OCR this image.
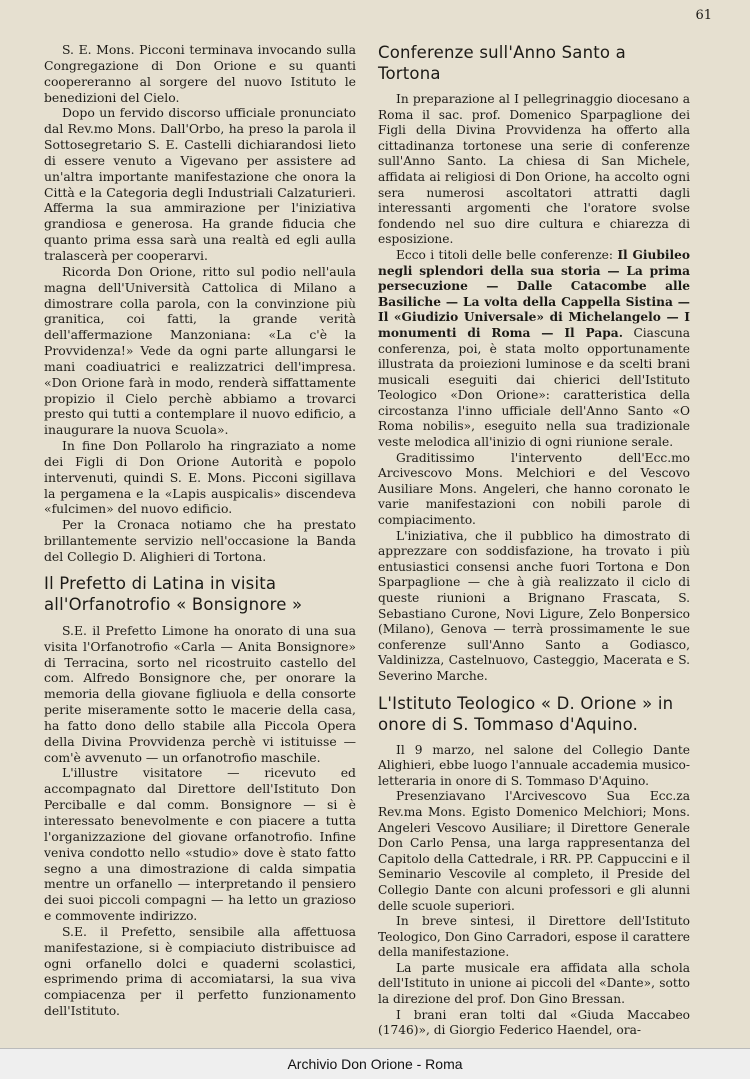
61

S. E. Mons. Picconi terminava invocando sulla Congregazione di Don Orione e su quanti coopereranno al sorgere del nuovo Istituto le benedizioni del Cielo.

Dopo un fervido discorso ufficiale pronunciato dal Rev.mo Mons. Dall'Orbo, ha preso la parola il Sottosegretario S. E. Castelli dichiarandosi lieto di essere venuto a Vigevano per assistere ad un'altra importante manifestazione che onora la Città e la Categoria degli Industriali Calzaturieri. Afferma la sua ammirazione per l'iniziativa grandiosa e generosa. Ha grande fiducia che quanto prima essa sarà una realtà ed egli aulla tralascerà per cooperarvi.

Ricorda Don Orione, ritto sul podio nell'aula magna dell'Università Cattolica di Milano a dimostrare colla parola, con la convinzione più granitica, coi fatti, la grande verità dell'affermazione Manzoniana: «La c'è la Provvidenza!» Vede da ogni parte allungarsi le mani coadiuatrici e realizzatrici dell'impresa. «Don Orione farà in modo, renderà siffattamente propizio il Cielo perchè abbiamo a trovarci presto qui tutti a contemplare il nuovo edificio, a inaugurare la nuova Scuola».

In fine Don Pollarolo ha ringraziato a nome dei Figli di Don Orione Autorità e popolo intervenuti, quindi S. E. Mons. Picconi sigillava la pergamena e la «Lapis auspicalis» discendeva «fulcimen» del nuovo edificio.

Per la Cronaca notiamo che ha prestato brillantemente servizio nell'occasione la Banda del Collegio D. Alighieri di Tortona.

Il Prefetto di Latina in visita all'Orfanotrofio « Bonsignore »

S.E. il Prefetto Limone ha onorato di una sua visita l'Orfanotrofio «Carla — Anita Bonsignore» di Terracina, sorto nel ricostruito castello del com. Alfredo Bonsignore che, per onorare la memoria della giovane figliuola e della consorte perite miseramente sotto le macerie della casa, ha fatto dono dello stabile alla Piccola Opera della Divina Provvidenza perchè vi istituisse — com'è avvenuto — un orfanotrofio maschile.

L'illustre visitatore — ricevuto ed accompagnato dal Direttore dell'Istituto Don Perciballe e dal comm. Bonsignore — si è interessato benevolmente e con piacere a tutta l'organizzazione del giovane orfanotrofio. Infine veniva condotto nello «studio» dove è stato fatto segno a una dimostrazione di calda simpatia mentre un orfanello — interpretando il pensiero dei suoi piccoli compagni — ha letto un grazioso e commovente indirizzo.

S.E. il Prefetto, sensibile alla affettuosa manifestazione, si è compiaciuto distribuisce ad ogni orfanello dolci e quaderni scolastici, esprimendo prima di accomiatarsi, la sua viva compiacenza per il perfetto funzionamento dell'Istituto.

Conferenze sull'Anno Santo a Tortona

In preparazione al I pellegrinaggio diocesano a Roma il sac. prof. Domenico Sparpaglione dei Figli della Divina Provvidenza ha offerto alla cittadinanza tortonese una serie di conferenze sull'Anno Santo. La chiesa di San Michele, affidata ai religiosi di Don Orione, ha accolto ogni sera numerosi ascoltatori attratti dagli interessanti argomenti che l'oratore svolse fondendo nel suo dire cultura e chiarezza di esposizione.

Ecco i titoli delle belle conferenze: Il Giubileo negli splendori della sua storia — La prima persecuzione — Dalle Catacombe alle Basiliche — La volta della Cappella Sistina — Il «Giudizio Universale» di Michelangelo — I monumenti di Roma — Il Papa. Ciascuna conferenza, poi, è stata molto opportunamente illustrata da proiezioni luminose e da scelti brani musicali eseguiti dai chierici dell'Istituto Teologico «Don Orione»: caratteristica della circostanza l'inno ufficiale dell'Anno Santo «O Roma nobilis», eseguito nella sua tradizionale veste melodica all'inizio di ogni riunione serale.

Graditissimo l'intervento dell'Ecc.mo Arcivescovo Mons. Melchiori e del Vescovo Ausiliare Mons. Angeleri, che hanno coronato le varie manifestazioni con nobili parole di compiacimento.

L'iniziativa, che il pubblico ha dimostrato di apprezzare con soddisfazione, ha trovato i più entusiastici consensi anche fuori Tortona e Don Sparpaglione — che à già realizzato il ciclo di queste riunioni a Brignano Frascata, S. Sebastiano Curone, Novi Ligure, Zelo Bonpersico (Milano), Genova — terrà prossimamente le sue conferenze sull'Anno Santo a Godiasco, Valdinizza, Castelnuovo, Casteggio, Macerata e S. Severino Marche.

L'Istituto Teologico « D. Orione » in onore di S. Tommaso d'Aquino.

Il 9 marzo, nel salone del Collegio Dante Alighieri, ebbe luogo l'annuale accademia musico-letteraria in onore di S. Tommaso D'Aquino.

Presenziavano l'Arcivescovo Sua Ecc.za Rev.ma Mons. Egisto Domenico Melchiori; Mons. Angeleri Vescovo Ausiliare; il Direttore Generale Don Carlo Pensa, una larga rappresentanza del Capitolo della Cattedrale, i RR. PP. Cappuccini e il Seminario Vescovile al completo, il Preside del Collegio Dante con alcuni professori e gli alunni delle scuole superiori.

In breve sintesi, il Direttore dell'Istituto Teologico, Don Gino Carradori, espose il carattere della manifestazione.

La parte musicale era affidata alla schola dell'Istituto in unione ai piccoli del «Dante», sotto la direzione del prof. Don Gino Bressan.

I brani eran tolti dal «Giuda Maccabeo (1746)», di Giorgio Federico Haendel, ora-

Archivio Don Orione - Roma
